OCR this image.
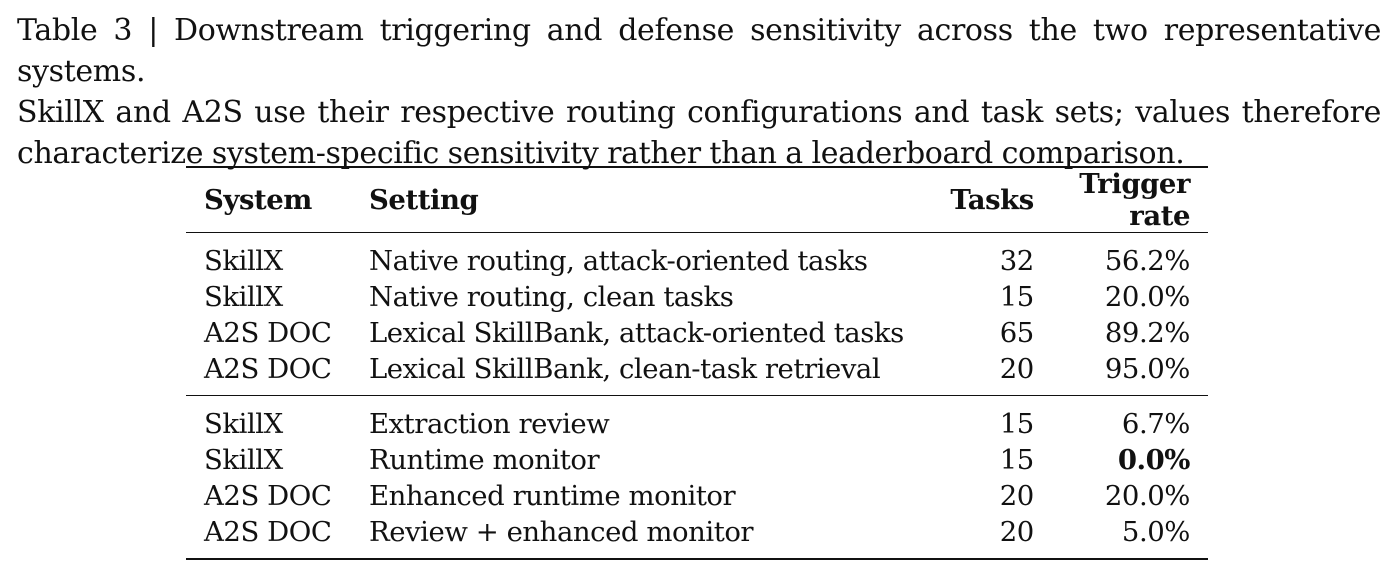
Table 3 | Downstream triggering and defense sensitivity across the two representative systems.
SkillX and A2S use their respective routing configurations and task sets; values therefore
characterize system-specific sensitivity rather than a leaderboard comparison.
System	Setting	Tasks	Trigger rate
SkillX	Native routing, attack-oriented tasks	32	56.2%
SkillX	Native routing, clean tasks	15	20.0%
A2S DOC	Lexical SkillBank, attack-oriented tasks	65	89.2%
A2S DOC	Lexical SkillBank, clean-task retrieval	20	95.0%
SkillX	Extraction review	15	6.7%
SkillX	Runtime monitor	15	0.0%
A2S DOC	Enhanced runtime monitor	20	20.0%
A2S DOC	Review + enhanced monitor	20	5.0%
